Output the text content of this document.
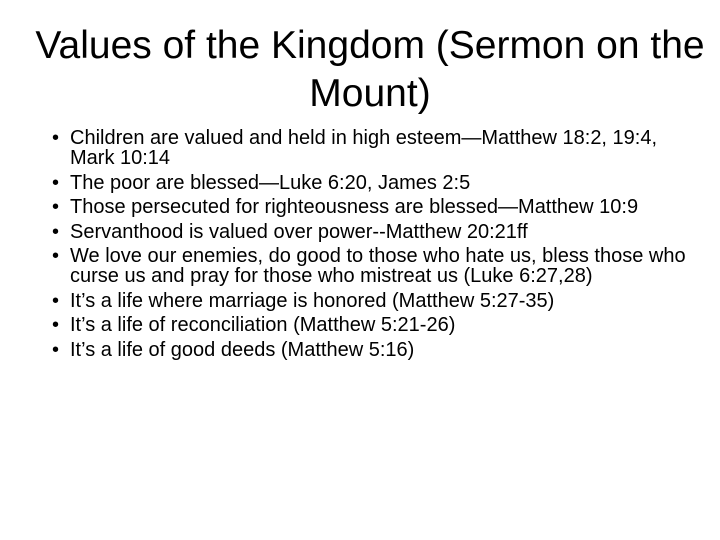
Values of the Kingdom (Sermon on the Mount)
• Children are valued and held in high esteem—Matthew 18:2, 19:4, Mark 10:14
• The poor are blessed—Luke 6:20, James 2:5
• Those persecuted for righteousness are blessed—Matthew 10:9
• Servanthood is valued over power--Matthew 20:21ff
• We love our enemies, do good to those who hate us, bless those who curse us and pray for those who mistreat us (Luke 6:27,28)
• It’s a life where marriage is honored (Matthew 5:27-35)
• It’s a life of reconciliation (Matthew 5:21-26)
• It’s a life of good deeds (Matthew 5:16)
